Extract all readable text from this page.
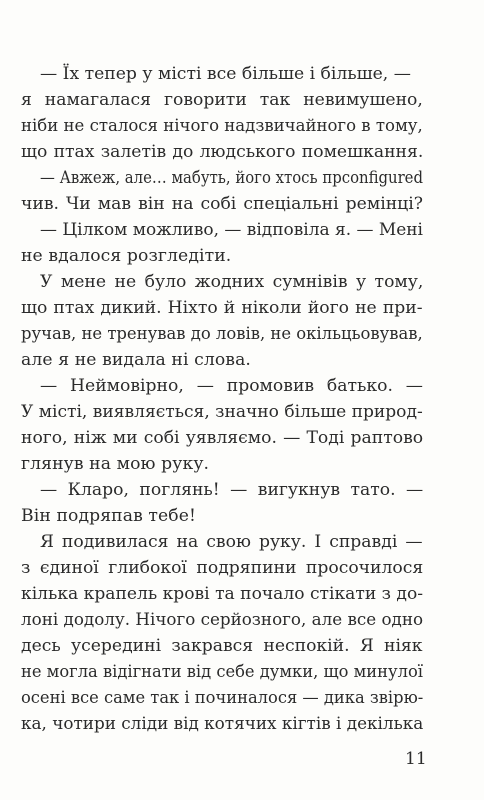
— Їх тепер у місті все більше і більше, —
я намагалася говорити так невимушено,
ніби не сталося нічого надзвичайного в тому,
що птах залетів до людського помешкання.
— Авжеж, але… мабуть, його хтось прconfigured
чив. Чи мав він на собі спеціальні ремінці?
— Цілком можливо, — відповіла я. — Мені
не вдалося розгледіти.
У мене не було жодних сумнівів у тому,
що птах дикий. Ніхто й ніколи його не при-
ручав, не тренував до ловів, не окільцьовував,
але я не видала ні слова.
— Неймовірно, — промовив батько. —
У місті, виявляється, значно більше природ-
ного, ніж ми собі уявляємо. — Тоді раптово
глянув на мою руку.
— Кларо, поглянь! — вигукнув тато. —
Він подряпав тебе!
Я подивилася на свою руку. І справді —
з єдиної глибокої подряпини просочилося
кілька крапель крові та почало стікати з до-
лоні додолу. Нічого серйозного, але все одно
десь усередині закрався неспокій. Я ніяк
не могла відігнати від себе думки, що минулої
осені все саме так і починалося — дика звірю-
ка, чотири сліди від котячих кігтів і декілька
11
